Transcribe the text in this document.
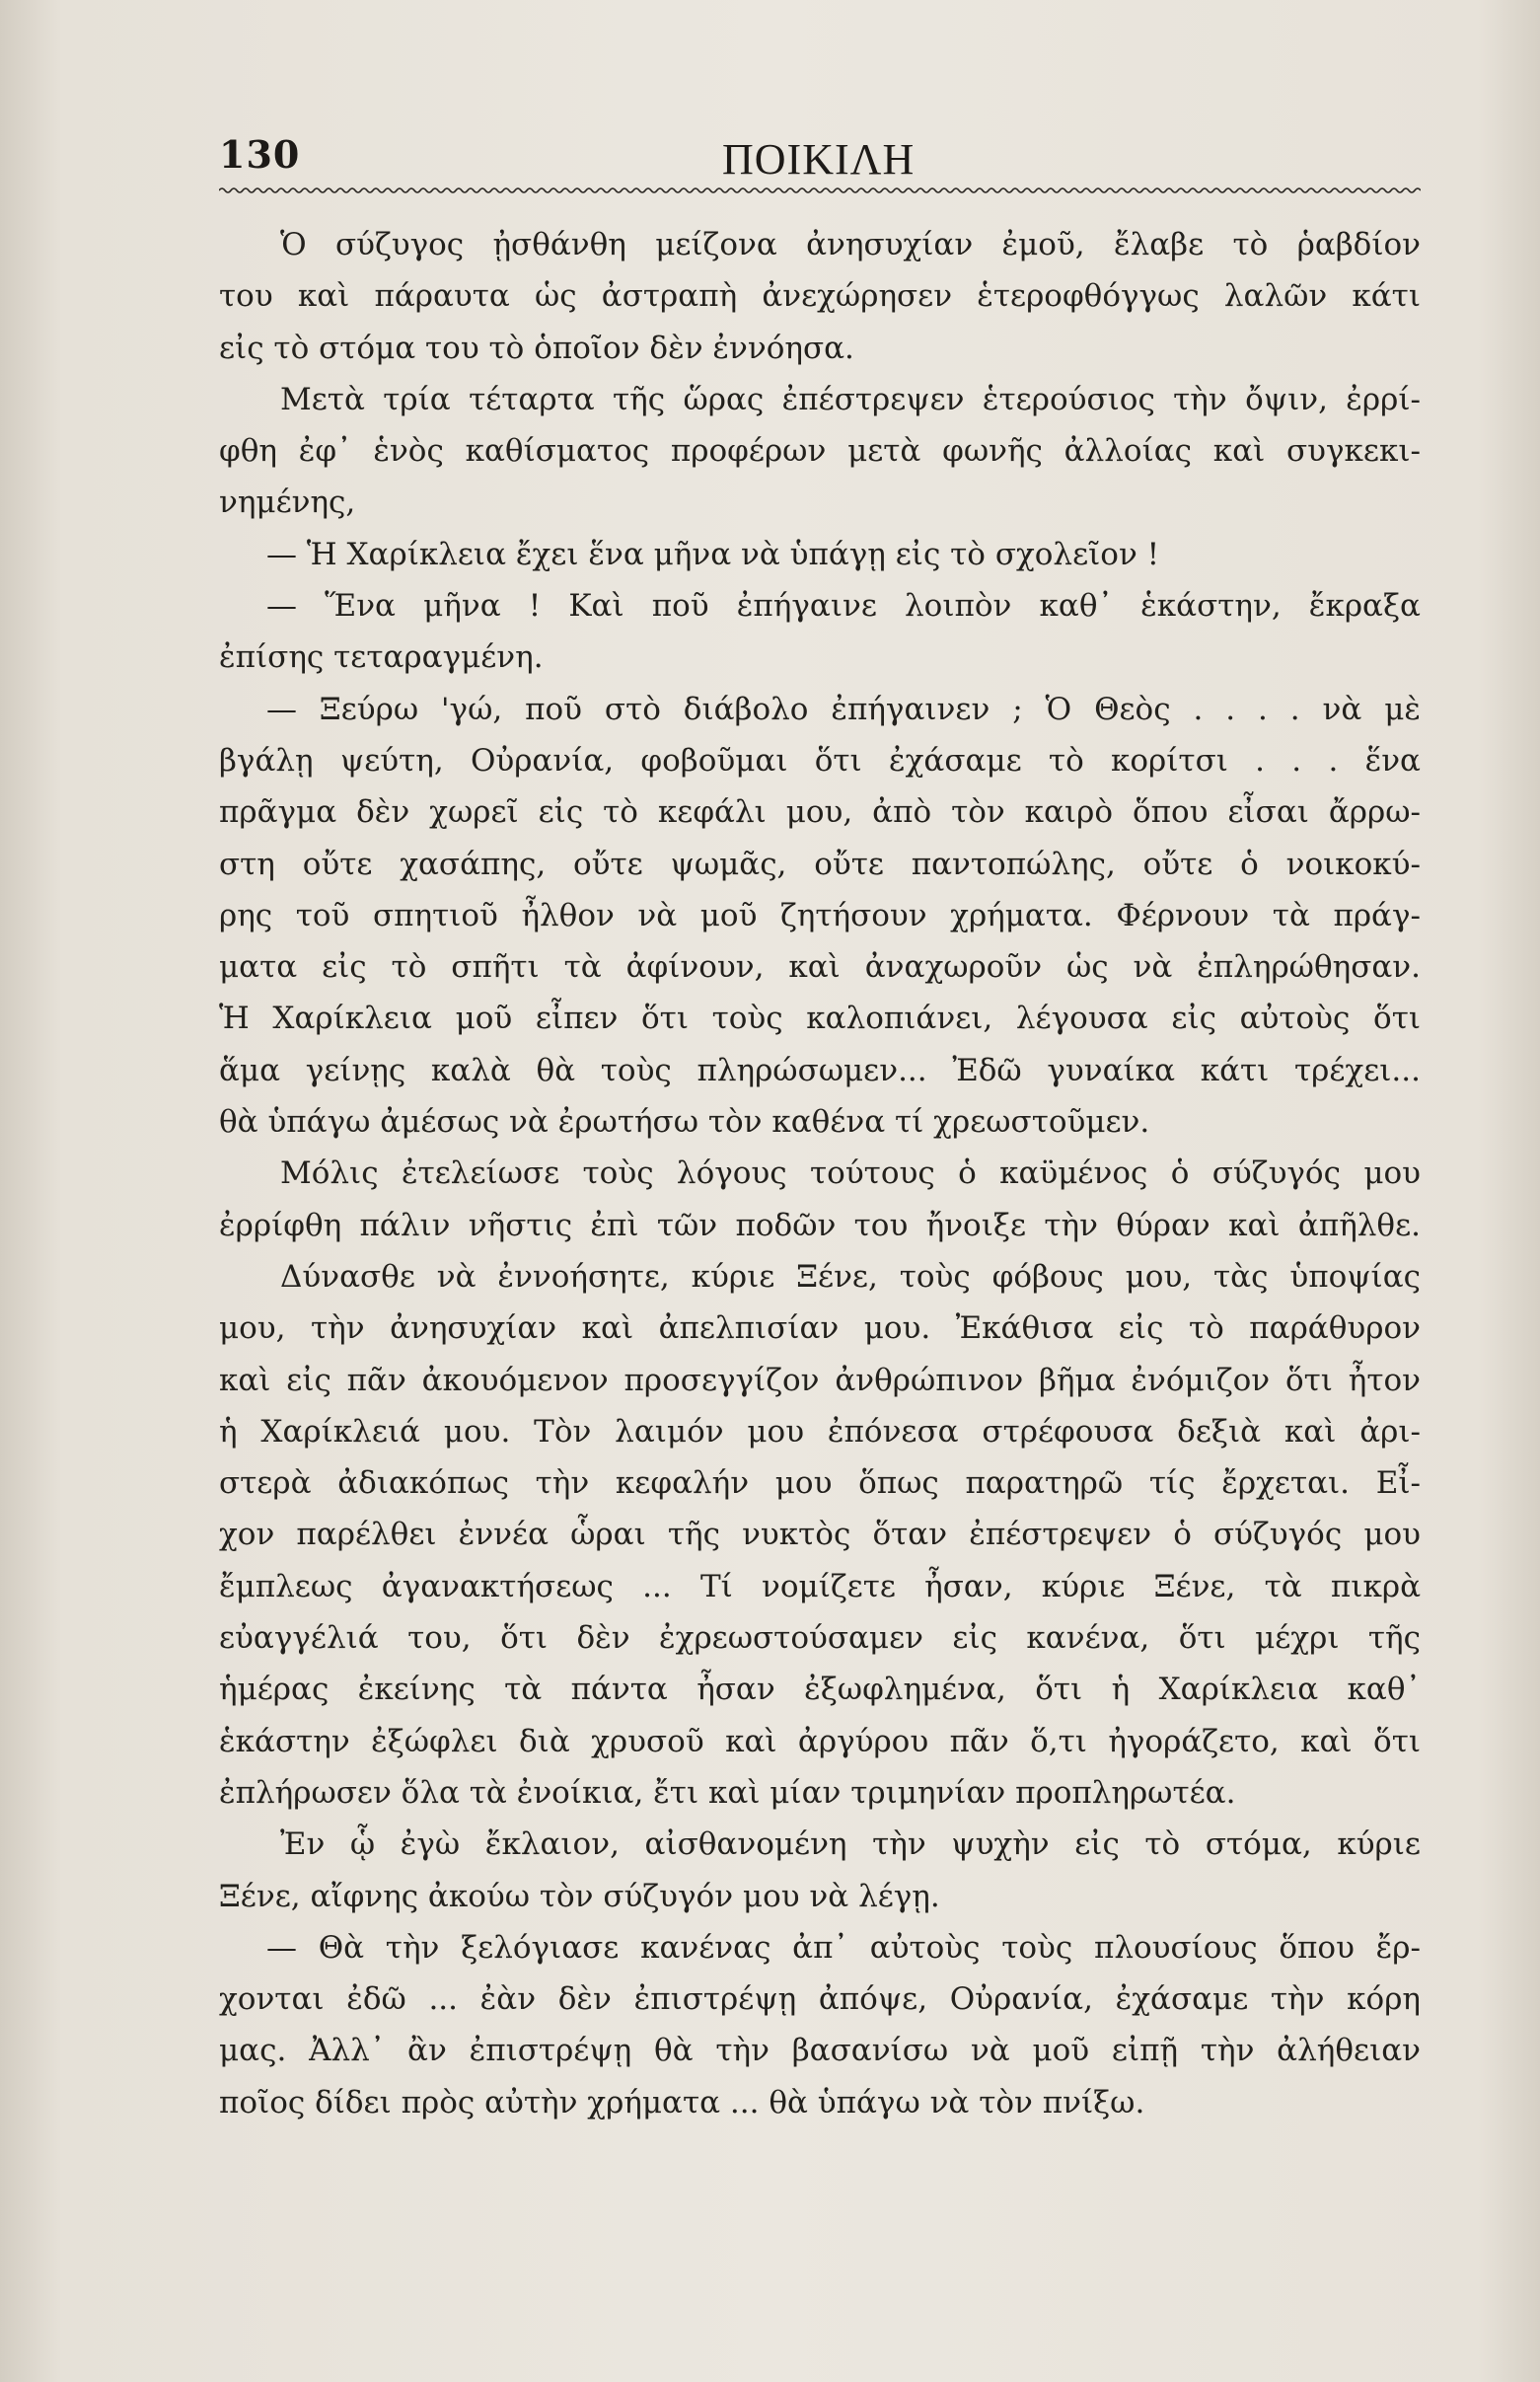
130	ΠΟΙΚΙΛΗ
Ὁ σύζυγος ᾐσθάνθη μείζονα ἀνησυχίαν ἐμοῦ, ἔλαβε τὸ ῥαβδίον
του καὶ πάραυτα ὡς ἀστραπὴ ἀνεχώρησεν ἑτεροφθόγγως λαλῶν κάτι
εἰς τὸ στόμα του τὸ ὁποῖον δὲν ἐννόησα.
Μετὰ τρία τέταρτα τῆς ὥρας ἐπέστρεψεν ἑτερούσιος τὴν ὄψιν, ἐρρί-
φθη ἐφ᾽ ἑνὸς καθίσματος προφέρων μετὰ φωνῆς ἀλλοίας καὶ συγκεκι-
νημένης,
— Ἡ Χαρίκλεια ἔχει ἕνα μῆνα νὰ ὑπάγῃ εἰς τὸ σχολεῖον !
— Ἕνα μῆνα ! Καὶ ποῦ ἐπήγαινε λοιπὸν καθ᾽ ἑκάστην, ἔκραξα
ἐπίσης τεταραγμένη.
— Ξεύρω 'γώ, ποῦ στὸ διάβολο ἐπήγαινεν ; Ὁ Θεὸς . . . . νὰ μὲ
βγάλῃ ψεύτη, Οὐρανία, φοβοῦμαι ὅτι ἐχάσαμε τὸ κορίτσι . . . ἕνα
πρᾶγμα δὲν χωρεῖ εἰς τὸ κεφάλι μου, ἀπὸ τὸν καιρὸ ὅπου εἶσαι ἄρρω-
στη οὔτε χασάπης, οὔτε ψωμᾶς, οὔτε παντοπώλης, οὔτε ὁ νοικοκύ-
ρης τοῦ σπητιοῦ ἦλθον νὰ μοῦ ζητήσουν χρήματα. Φέρνουν τὰ πράγ-
ματα εἰς τὸ σπῆτι τὰ ἀφίνουν, καὶ ἀναχωροῦν ὡς νὰ ἐπληρώθησαν.
Ἡ Χαρίκλεια μοῦ εἶπεν ὅτι τοὺς καλοπιάνει, λέγουσα εἰς αὐτοὺς ὅτι
ἅμα γείνῃς καλὰ θὰ τοὺς πληρώσωμεν... Ἐδῶ γυναίκα κάτι τρέχει...
θὰ ὑπάγω ἀμέσως νὰ ἐρωτήσω τὸν καθένα τί χρεωστοῦμεν.
Μόλις ἐτελείωσε τοὺς λόγους τούτους ὁ καϋμένος ὁ σύζυγός μου
ἐρρίφθη πάλιν νῆστις ἐπὶ τῶν ποδῶν του ἤνοιξε τὴν θύραν καὶ ἀπῆλθε.
Δύνασθε νὰ ἐννοήσητε, κύριε Ξένε, τοὺς φόβους μου, τὰς ὑποψίας
μου, τὴν ἀνησυχίαν καὶ ἀπελπισίαν μου. Ἐκάθισα εἰς τὸ παράθυρον
καὶ εἰς πᾶν ἀκουόμενον προσεγγίζον ἀνθρώπινον βῆμα ἐνόμιζον ὅτι ἦτον
ἡ Χαρίκλειά μου. Τὸν λαιμόν μου ἐπόνεσα στρέφουσα δεξιὰ καὶ ἀρι-
στερὰ ἀδιακόπως τὴν κεφαλήν μου ὅπως παρατηρῶ τίς ἔρχεται. Εἶ-
χον παρέλθει ἐννέα ὧραι τῆς νυκτὸς ὅταν ἐπέστρεψεν ὁ σύζυγός μου
ἔμπλεως ἀγανακτήσεως ... Τί νομίζετε ἦσαν, κύριε Ξένε, τὰ πικρὰ
εὐαγγέλιά του, ὅτι δὲν ἐχρεωστούσαμεν εἰς κανένα, ὅτι μέχρι τῆς
ἡμέρας ἐκείνης τὰ πάντα ἦσαν ἐξωφλημένα, ὅτι ἡ Χαρίκλεια καθ᾽
ἑκάστην ἐξώφλει διὰ χρυσοῦ καὶ ἀργύρου πᾶν ὅ,τι ἠγοράζετο, καὶ ὅτι
ἐπλήρωσεν ὅλα τὰ ἐνοίκια, ἔτι καὶ μίαν τριμηνίαν προπληρωτέα.
Ἐν ᾧ ἐγὼ ἔκλαιον, αἰσθανομένη τὴν ψυχὴν εἰς τὸ στόμα, κύριε
Ξένε, αἴφνης ἀκούω τὸν σύζυγόν μου νὰ λέγῃ.
— Θὰ τὴν ξελόγιασε κανένας ἀπ᾽ αὐτοὺς τοὺς πλουσίους ὅπου ἔρ-
χονται ἐδῶ ... ἐὰν δὲν ἐπιστρέψῃ ἀπόψε, Οὐρανία, ἐχάσαμε τὴν κόρη
μας. Ἀλλ᾽ ἂν ἐπιστρέψῃ θὰ τὴν βασανίσω νὰ μοῦ εἰπῇ τὴν ἀλήθειαν
ποῖος δίδει πρὸς αὐτὴν χρήματα ... θὰ ὑπάγω νὰ τὸν πνίξω.
